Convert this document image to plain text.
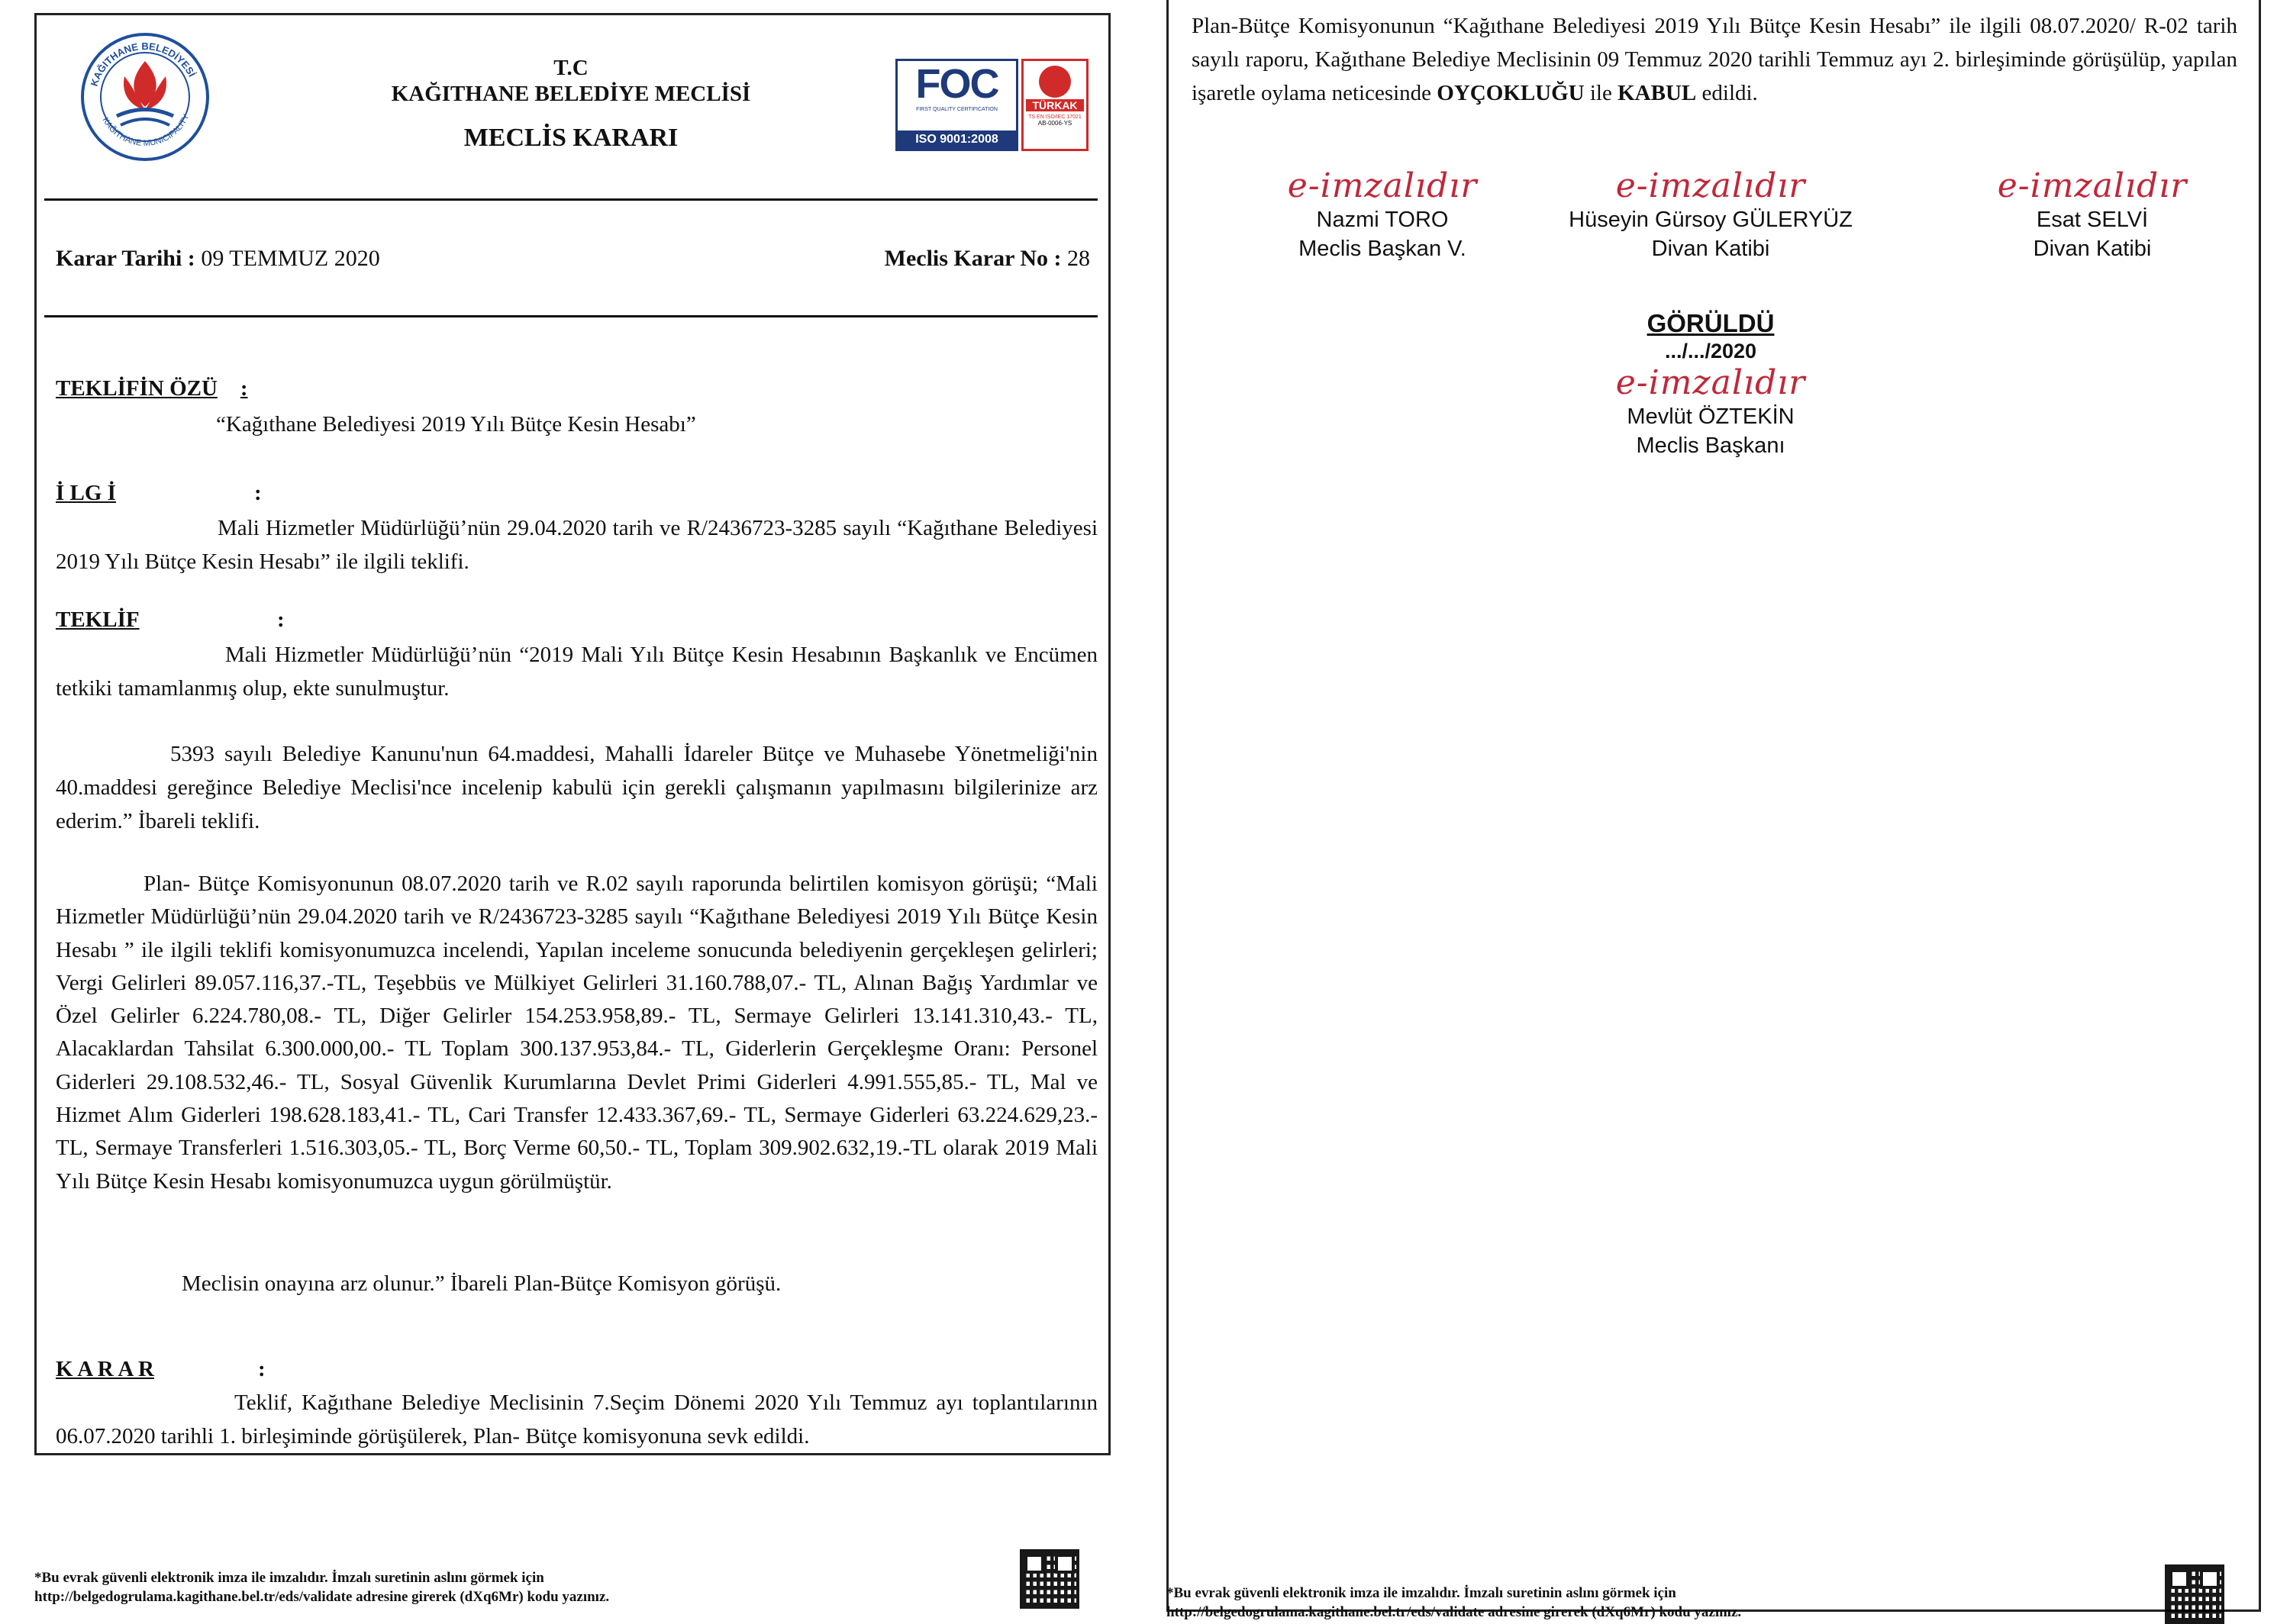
KAĞITHANE BELEDİYESİ
KAĞITHANE MUNICIPALITY
T.C
KAĞITHANE BELEDİYE MECLİSİ
MECLİS KARARI
FOC
FIRST QUALITY CERTIFICATION
ISO 9001:2008
TÜRKAK
TS EN ISO/IEC 17021
AB-0006-YS
Karar Tarihi : 09 TEMMUZ 2020	Meclis Karar No : 28
TEKLİFİN ÖZÜ :
“Kağıthane Belediyesi 2019 Yılı Bütçe Kesin Hesabı”
İ LG İ	:
Mali Hizmetler Müdürlüğü’nün 29.04.2020 tarih ve R/2436723-3285 sayılı “Kağıthane Belediyesi 2019 Yılı Bütçe Kesin Hesabı” ile ilgili teklifi.
TEKLİF	:
Mali Hizmetler Müdürlüğü’nün “2019 Mali Yılı Bütçe Kesin Hesabının Başkanlık ve Encümen tetkiki tamamlanmış olup, ekte sunulmuştur.
5393 sayılı Belediye Kanunu'nun 64.maddesi, Mahalli İdareler Bütçe ve Muhasebe Yönetmeliği'nin 40.maddesi gereğince Belediye Meclisi'nce incelenip kabulü için gerekli çalışmanın yapılmasını bilgilerinize arz ederim.” İbareli teklifi.
Plan- Bütçe Komisyonunun 08.07.2020 tarih ve R.02 sayılı raporunda belirtilen komisyon görüşü; “Mali Hizmetler Müdürlüğü’nün 29.04.2020 tarih ve R/2436723-3285 sayılı “Kağıthane Belediyesi 2019 Yılı Bütçe Kesin Hesabı ” ile ilgili teklifi komisyonumuzca incelendi, Yapılan inceleme sonucunda belediyenin gerçekleşen gelirleri; Vergi Gelirleri 89.057.116,37.-TL, Teşebbüs ve Mülkiyet Gelirleri 31.160.788,07.- TL, Alınan Bağış Yardımlar ve Özel Gelirler 6.224.780,08.- TL, Diğer Gelirler 154.253.958,89.- TL, Sermaye Gelirleri 13.141.310,43.- TL, Alacaklardan Tahsilat 6.300.000,00.- TL Toplam 300.137.953,84.- TL, Giderlerin Gerçekleşme Oranı: Personel Giderleri 29.108.532,46.- TL, Sosyal Güvenlik Kurumlarına Devlet Primi Giderleri 4.991.555,85.- TL, Mal ve Hizmet Alım Giderleri 198.628.183,41.- TL, Cari Transfer 12.433.367,69.- TL, Sermaye Giderleri 63.224.629,23.- TL, Sermaye Transferleri 1.516.303,05.- TL, Borç Verme 60,50.- TL, Toplam 309.902.632,19.-TL olarak 2019 Mali Yılı Bütçe Kesin Hesabı komisyonumuzca uygun görülmüştür.
Meclisin onayına arz olunur.” İbareli Plan-Bütçe Komisyon görüşü.
K A R A R	:
Teklif, Kağıthane Belediye Meclisinin 7.Seçim Dönemi 2020 Yılı Temmuz ayı toplantılarının 06.07.2020 tarihli 1. birleşiminde görüşülerek, Plan- Bütçe komisyonuna sevk edildi.
*Bu evrak güvenli elektronik imza ile imzalıdır. İmzalı suretinin aslını görmek için
http://belgedogrulama.kagithane.bel.tr/eds/validate adresine girerek (dXq6Mr) kodu yazınız.
Plan-Bütçe Komisyonunun “Kağıthane Belediyesi 2019 Yılı Bütçe Kesin Hesabı” ile ilgili 08.07.2020/ R-02 tarih sayılı raporu, Kağıthane Belediye Meclisinin 09 Temmuz 2020 tarihli Temmuz ayı 2. birleşiminde görüşülüp, yapılan işaretle oylama neticesinde OYÇOKLUĞU ile KABUL edildi.
e-imzalıdır
Nazmi TORO
Meclis Başkan V.
e-imzalıdır
Hüseyin Gürsoy GÜLERYÜZ
Divan Katibi
e-imzalıdır
Esat SELVİ
Divan Katibi
GÖRÜLDÜ
.../.../2020
e-imzalıdır
Mevlüt ÖZTEKİN
Meclis Başkanı
*Bu evrak güvenli elektronik imza ile imzalıdır. İmzalı suretinin aslını görmek için
http://belgedogrulama.kagithane.bel.tr/eds/validate adresine girerek (dXq6Mr) kodu yazınız.
